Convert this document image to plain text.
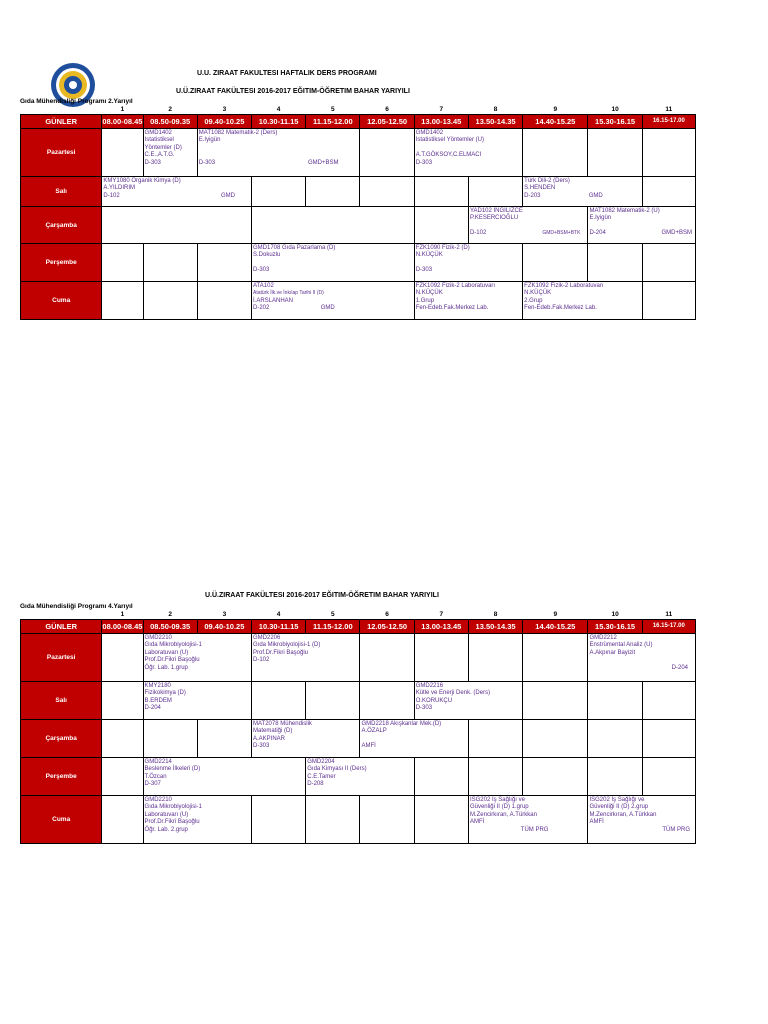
U.U. ZIRAAT FAKULTESI HAFTALIK DERS PROGRAMI
U.Ü.ZIRAAT FAKÜLTESI 2016-2017 EĞITIM-ÖĞRETIM BAHAR YARIYILI
Gıda Mühendisliği Programı 2.Yarıyıl
	1	2	3	4	5	6	7	8	9	10	11
GÜNLER	08.00-08.45	08.50-09.35	09.40-10.25	10.30-11.15	11.15-12.00	12.05-12.50	13.00-13.45	13.50-14.35	14.40-15.25	15.30-16.15	16.15-17.00
Pazartesi		GMD1402
Istatistiksel
Yöntemler (D)
C.E.,A.T.G.
D-303	MAT1082 Matematik-2 (Ders)
E.Iyigün
D-303 GMD+BSM				GMD1402
Istatistiksel Yöntemler (U)
A.T.GÖKSOY,C.ELMACI
D-303				

Salı	KMY1080 Organik Kimya (D)
A.YILDIRIM
D-102 GMD								Türk Dili-2 (Ders)
S.HENDEN
D-203 GMD		

Çarşamba								YAD102 INGILIZCE
P.KESERCIOĞLU
D-102 GMD+BSM+BTK		MAT1082 Matematik-2 (U)
E.Iyigün
D-204 GMD+BSM	

Perşembe				GMD1708 Gıda Pazarlama (D)
S.Dokuzlu
D-303			FZK1090 Fizik-2 (D)
N.KÜÇÜK
D-303				

Cuma				ATA102
Atatürk İlk.ve İnkılap Tarihi II (D)
İ.ARSLANHAN
D-202 GMD			FZK1092 Fizik-2 Laboratuvarı
N.KÜÇÜK
1.Grup
Fen-Edeb.Fak.Merkez Lab.		FZK1092 Fizik-2 Laboratuvarı
N.KÜÇÜK
2.Grup
Fen-Edeb.Fak.Merkez Lab.		

U.Ü.ZIRAAT FAKÜLTESI 2016-2017 EĞITIM-ÖĞRETIM BAHAR YARIYILI
Gıda Mühendisliği Programı 4.Yarıyıl
	1	2	3	4	5	6	7	8	9	10	11
GÜNLER	08.00-08.45	08.50-09.35	09.40-10.25	10.30-11.15	11.15-12.00	12.05-12.50	13.00-13.45	13.50-14.35	14.40-15.25	15.30-16.15	16.15-17.00
Pazartesi		GMD2210
Gıda Mikrobiyolojisi-1
Laboratuvarı (U)
Prof.Dr.Fikri Başoğlu
Öğr. Lab. 1.grup		GMD2206
Gıda Mikrobiyolojisi-1 (D)
Prof.Dr.Fikri Başoğlu
D-102						GMD2212
Enstrümental Analiz (U)
A.Akpınar Bayizit
D-204	

Salı		KMY2180
Fizikokimya (D)
B.ERDEM
D-204					GMD2216
Kütle ve Enerji Denk. (Ders)
O.KORUKÇU
D-303				

Çarşamba				MAT2078 Mühendislik
Matematiği (D)
A.AKPINAR
D-303		GMD2218 Akışkanlar Mek.(D)
A.ÖZALP
AMFİ					

Perşembe		GMD2214
Beslenme İlkeleri (D)
T.Özcan
D-307			GMD2204
Gıda Kimyası II (Ders)
C.E.Tamer
D-208						

Cuma		GMD2210
Gıda Mikrobiyolojisi-1
Laboratuvarı (U)
Prof.Dr.Fikri Başoğlu
Öğr. Lab. 2.grup						ISG202 İş Sağlığı ve
Güvenliği II (D) 1.grup
M.Zencirkıran, A.Türkkan
AMFİ
TÜM PRG		ISG202 İş Sağlığı ve
Güvenliği II (D) 2.grup
M.Zencirkıran, A.Türkkan
AMFİ
TÜM PRG	
